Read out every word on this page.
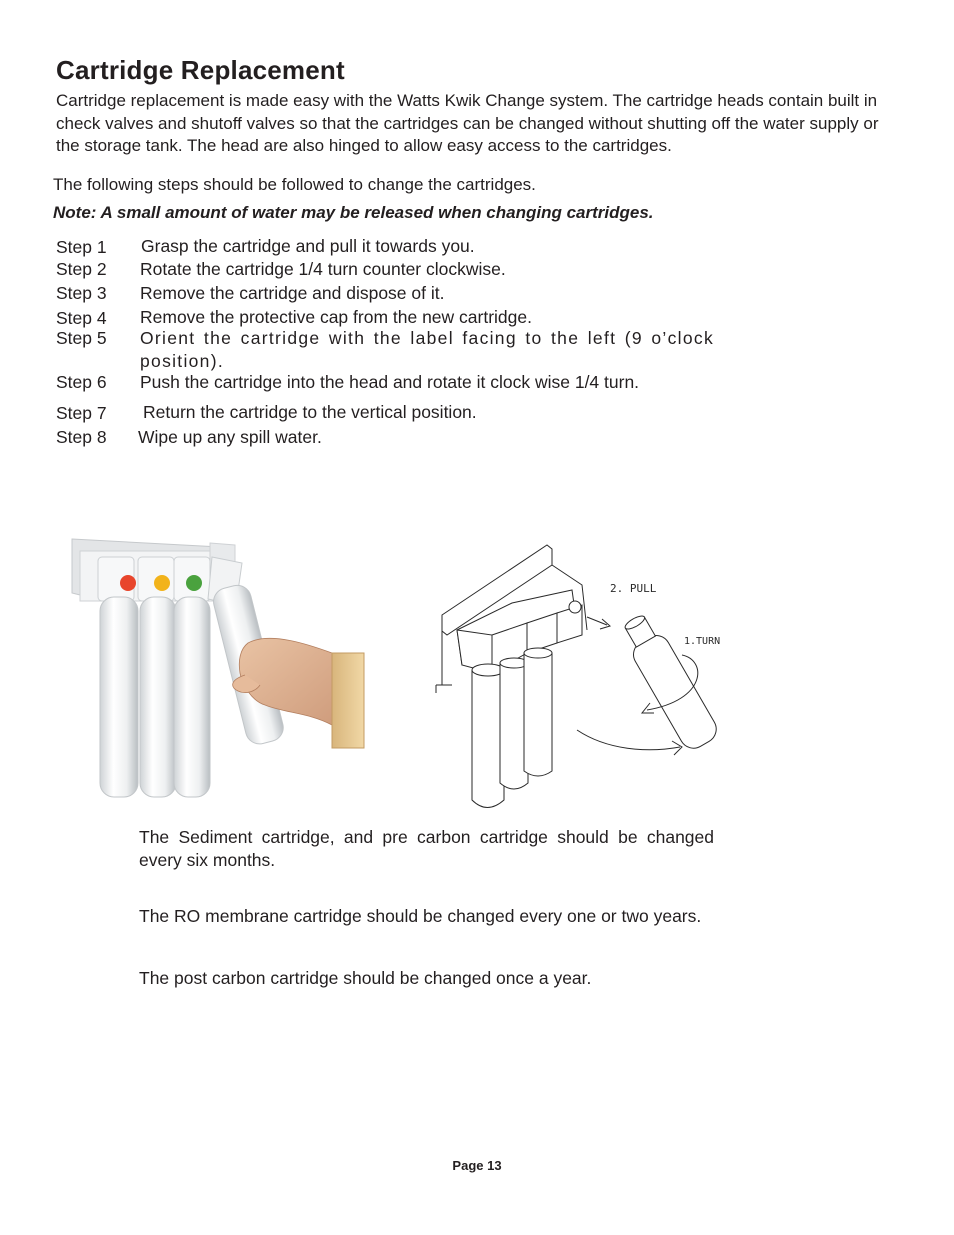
Cartridge Replacement
Cartridge replacement is made easy with the Watts Kwik Change system. The cartridge heads contain built in check valves and shutoff valves so that the cartridges can be changed without shutting off the water supply or the storage tank. The head are also hinged to allow easy access to the cartridges.
The following steps should be followed to change the cartridges.
Note: A small amount of water may be released when changing cartridges.
Step 1 Grasp the cartridge and pull it towards you.
Step 2 Rotate the cartridge 1/4 turn counter clockwise.
Step 3 Remove the cartridge and dispose of it.
Step 4 Remove the protective cap from the new cartridge.
Step 5 Orient the cartridge with the label facing to the left (9 o’clock position).
Step 6 Push the cartridge into the head and rotate it clock wise 1/4 turn.
Step 7 Return the cartridge to the vertical position.
Step 8 Wipe up any spill water.
2. PULL
1.TURN
The Sediment cartridge, and pre carbon cartridge should be changed every six months.
The RO membrane cartridge should be changed every one or two years.
The post carbon cartridge should be changed once a year.
Page 13
